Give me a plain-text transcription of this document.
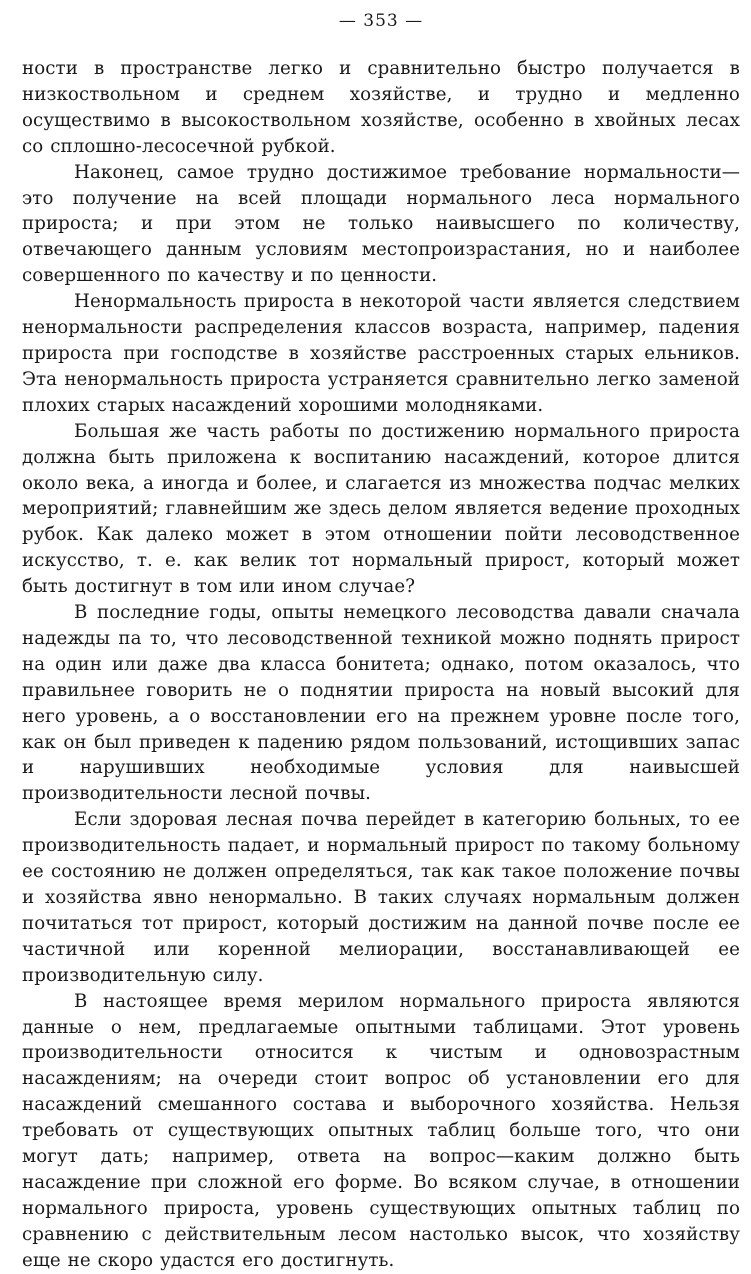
— 353 —

ности в пространстве легко и сравнительно быстро получается в низкоствольном и среднем хозяйстве, и трудно и медленно осуществимо в высокоствольном хозяйстве, особенно в хвойных лесах со сплошно-лесосечной рубкой.

Наконец, самое трудно достижимое требование нормальности— это получение на всей площади нормального леса нормального прироста; и при этом не только наивысшего по количеству, отвечающего данным условиям местопроизрастания, но и наиболее совершенного по качеству и по ценности.

Ненормальность прироста в некоторой части является следствием ненормальности распределения классов возраста, например, падения прироста при господстве в хозяйстве расстроенных старых ельников. Эта ненормальность прироста устраняется сравнительно легко заменой плохих старых насаждений хорошими молодняками.

Большая же часть работы по достижению нормального прироста должна быть приложена к воспитанию насаждений, которое длится около века, а иногда и более, и слагается из множества подчас мелких мероприятий; главнейшим же здесь делом является ведение проходных рубок. Как далеко может в этом отношении пойти лесоводственное искусство, т. е. как велик тот нормальный прирост, который может быть достигнут в том или ином случае?

В последние годы, опыты немецкого лесоводства давали сначала надежды па то, что лесоводственной техникой можно поднять прирост на один или даже два класса бонитета; однако, потом оказалось, что правильнее говорить не о поднятии прироста на новый высокий для него уровень, а о восстановлении его на прежнем уровне после того, как он был приведен к падению рядом пользований, истощивших запас и нарушивших необходимые условия для наивысшей производительности лесной почвы.

Если здоровая лесная почва перейдет в категорию больных, то ее производительность падает, и нормальный прирост по такому больному ее состоянию не должен определяться, так как такое положение почвы и хозяйства явно ненормально. В таких случаях нормальным должен почитаться тот прирост, который достижим на данной почве после ее частичной или коренной мелиорации, восстанавливающей ее производительную силу.

В настоящее время мерилом нормального прироста являются данные о нем, предлагаемые опытными таблицами. Этот уровень производительности относится к чистым и одновозрастным насаждениям; на очереди стоит вопрос об установлении его для насаждений смешанного состава и выборочного хозяйства. Нельзя требовать от существующих опытных таблиц больше того, что они могут дать; например, ответа на вопрос—каким должно быть насаждение при сложной его форме. Во всяком случае, в отношении нормального прироста, уровень существующих опытных таблиц по сравнению с действительным лесом настолько высок, что хозяйству еще не скоро удастся его достигнуть.
